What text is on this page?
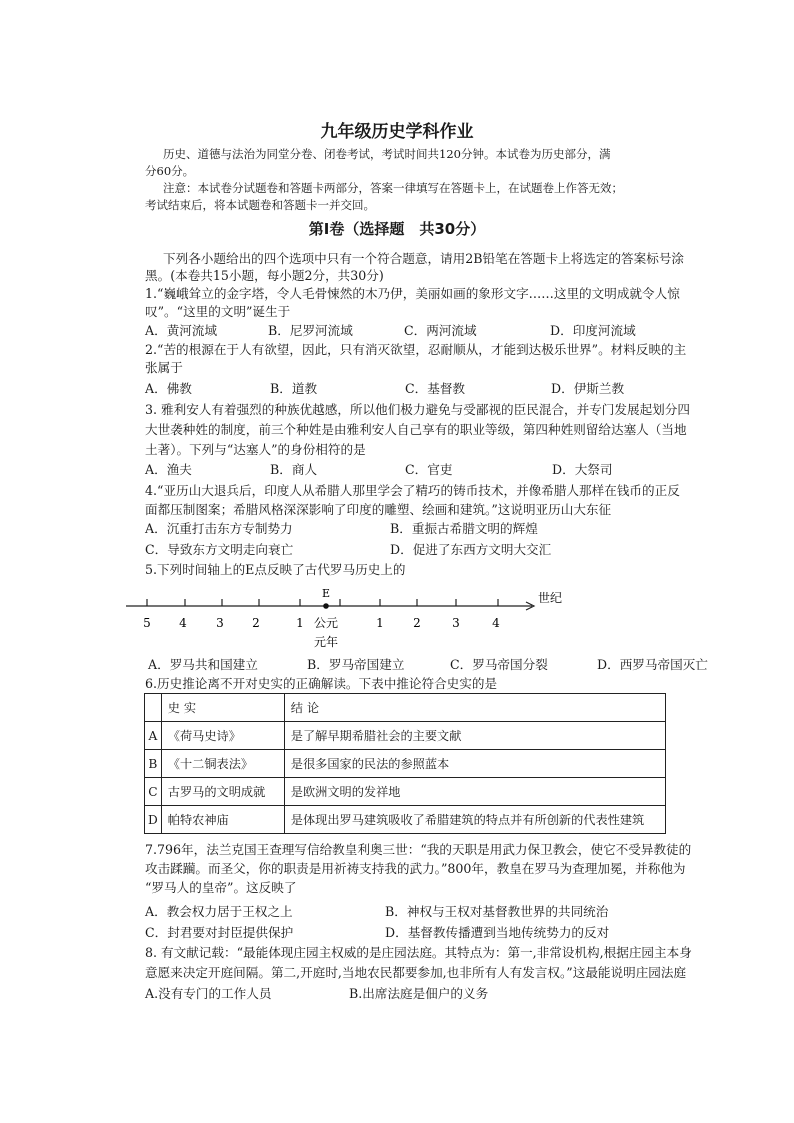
九年级历史学科作业
历史、道德与法治为同堂分卷、闭卷考试，考试时间共120分钟。本试卷为历史部分，满
分60分。
注意：本试卷分试题卷和答题卡两部分，答案一律填写在答题卡上，在试题卷上作答无效；
考试结束后，将本试题卷和答题卡一并交回。
第Ⅰ卷（选择题　共30分）
下列各小题给出的四个选项中只有一个符合题意，请用2B铅笔在答题卡上将选定的答案标号涂
黑。(本卷共15小题，每小题2分，共30分)
1.“巍峨耸立的金字塔，令人毛骨悚然的木乃伊，美丽如画的象形文字……这里的文明成就令人惊
叹”。“这里的文明”诞生于
A．黄河流域	B．尼罗河流域	C．两河流域	D．印度河流域
2.“苦的根源在于人有欲望，因此，只有消灭欲望，忍耐顺从，才能到达极乐世界”。材料反映的主
张属于
A．佛教	B．道教	C．基督教	D．伊斯兰教
3. 雅利安人有着强烈的种族优越感，所以他们极力避免与受鄙视的臣民混合，并专门发展起划分四
大世袭种姓的制度，前三个种姓是由雅利安人自己享有的职业等级，第四种姓则留给达塞人（当地
土著）。下列与“达塞人”的身份相符的是
A．渔夫	B．商人	C．官吏	D．大祭司
4.“亚历山大退兵后，印度人从希腊人那里学会了精巧的铸币技术，并像希腊人那样在钱币的正反
面都压制图案；希腊风格深深影响了印度的雕塑、绘画和建筑。”这说明亚历山大东征
A．沉重打击东方专制势力	B．重振古希腊文明的辉煌
C．导致东方文明走向衰亡	D．促进了东西方文明大交汇
5.下列时间轴上的E点反映了古代罗马历史上的
5 4 3 2	1	1 2	3	4
E	世纪
公元
元年
A．罗马共和国建立	B．罗马帝国建立	C．罗马帝国分裂	D．西罗马帝国灭亡
6.历史推论离不开对史实的正确解读。下表中推论符合史实的是
	史 实	结 论
A	《荷马史诗》	是了解早期希腊社会的主要文献
B	《十二铜表法》	是很多国家的民法的参照蓝本
C	古罗马的文明成就	是欧洲文明的发祥地
D	帕特农神庙	是体现出罗马建筑吸收了希腊建筑的特点并有所创新的代表性建筑
7.796年，法兰克国王查理写信给教皇利奥三世：“我的天职是用武力保卫教会，使它不受异教徒的
攻击蹂躏。而圣父，你的职责是用祈祷支持我的武力。”800年，教皇在罗马为查理加冕，并称他为
“罗马人的皇帝”。这反映了
A．教会权力居于王权之上	B．神权与王权对基督教世界的共同统治
C．封君要对封臣提供保护	D．基督教传播遭到当地传统势力的反对
8. 有文献记载：“最能体现庄园主权威的是庄园法庭。其特点为：第一,非常设机构,根据庄园主本身
意愿来决定开庭间隔。第二,开庭时,当地农民都要参加,也非所有人有发言权。”这最能说明庄园法庭
A.没有专门的工作人员	B.出席法庭是佃户的义务
